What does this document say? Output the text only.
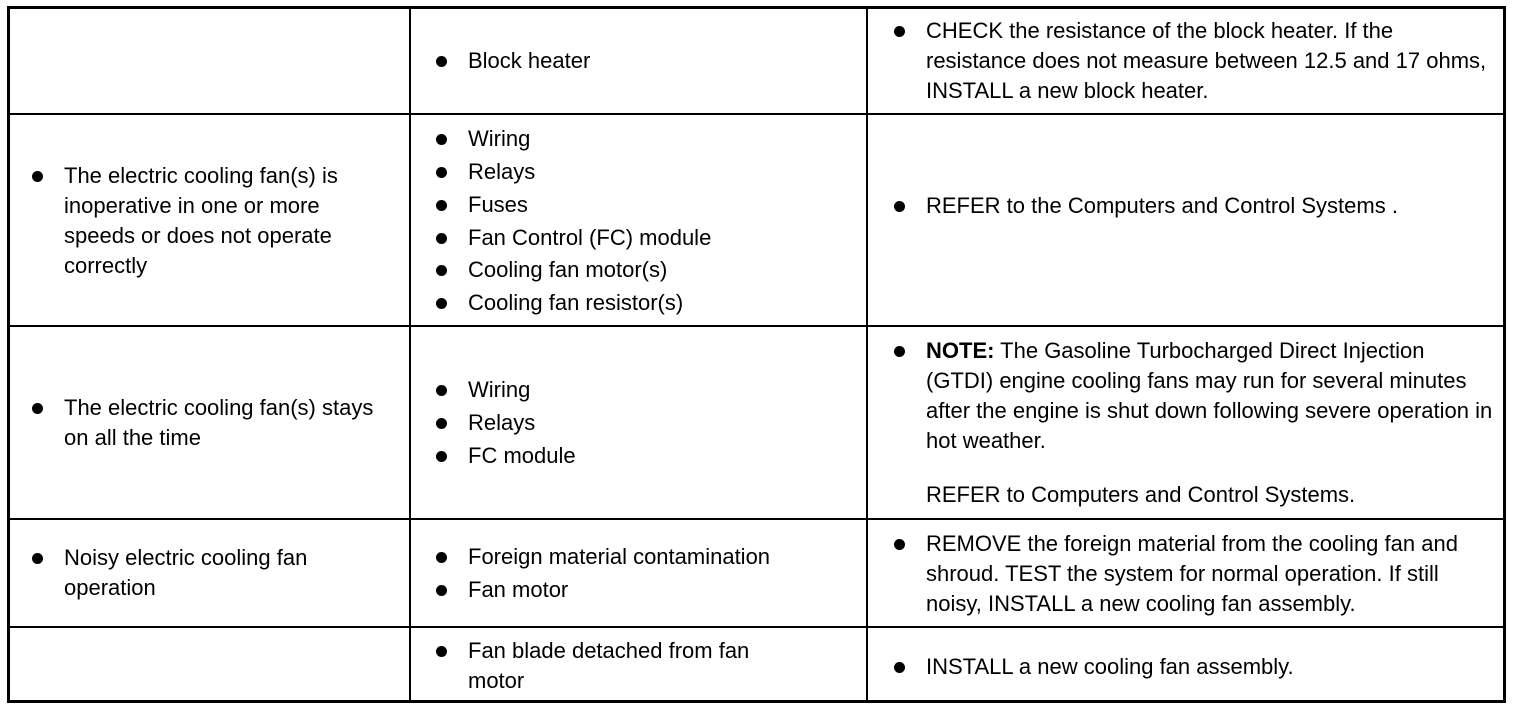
Block heater
CHECK the resistance of the block heater. If the resistance does not measure between 12.5 and 17 ohms, INSTALL a new block heater.
The electric cooling fan(s) is inoperative in one or more speeds or does not operate correctly
Wiring
Relays
Fuses
Fan Control (FC) module
Cooling fan motor(s)
Cooling fan resistor(s)
REFER to the Computers and Control Systems .
The electric cooling fan(s) stays on all the time
Wiring
Relays
FC module
NOTE: The Gasoline Turbocharged Direct Injection (GTDI) engine cooling fans may run for several minutes after the engine is shut down following severe operation in hot weather.
REFER to Computers and Control Systems.
Noisy electric cooling fan operation
Foreign material contamination
Fan motor
REMOVE the foreign material from the cooling fan and shroud. TEST the system for normal operation. If still noisy, INSTALL a new cooling fan assembly.
Fan blade detached from fan motor
INSTALL a new cooling fan assembly.
